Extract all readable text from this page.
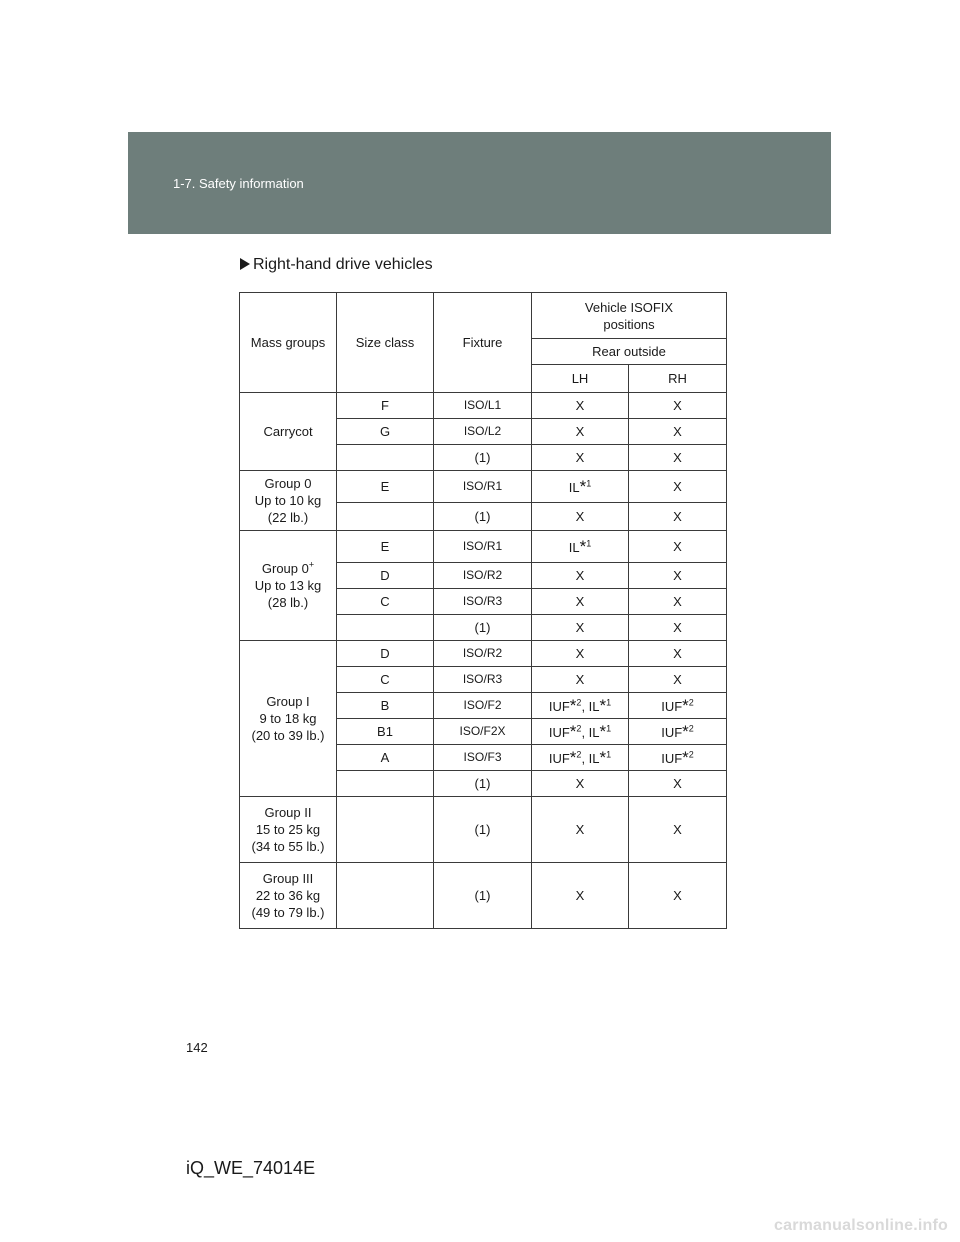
1-7. Safety information
Right-hand drive vehicles
Mass groups	Size class	Fixture	Vehicle ISOFIX
positions	
			Rear outside	
			LH	RH
Carrycot	F	ISO/L1	X	X
	G	ISO/L2	X	X
		(1)	X	X
Group 0
Up to 10 kg
(22 lb.)	E	ISO/R1	IL*$^1$	X
		(1)	X	X
Group 0+
Up to 13 kg
(28 lb.)	E	ISO/R1	IL*$^1$	X
	D	ISO/R2	X	X
	C	ISO/R3	X	X
		(1)	X	X
Group I
9 to 18 kg
(20 to 39 lb.)	D	ISO/R2	X	X
	C	ISO/R3	X	X
	B	ISO/F2	IUF*$^2$, IL*$^1$	IUF*$^2$
	B1	ISO/F2X	IUF*$^2$, IL*$^1$	IUF*$^2$
	A	ISO/F3	IUF*$^2$, IL*$^1$	IUF*$^2$
		(1)	X	X
Group II
15 to 25 kg
(34 to 55 lb.)		(1)	X	X
Group III
22 to 36 kg
(49 to 79 lb.)		(1)	X	X
142
iQ_WE_74014E
carmanualsonline.info
